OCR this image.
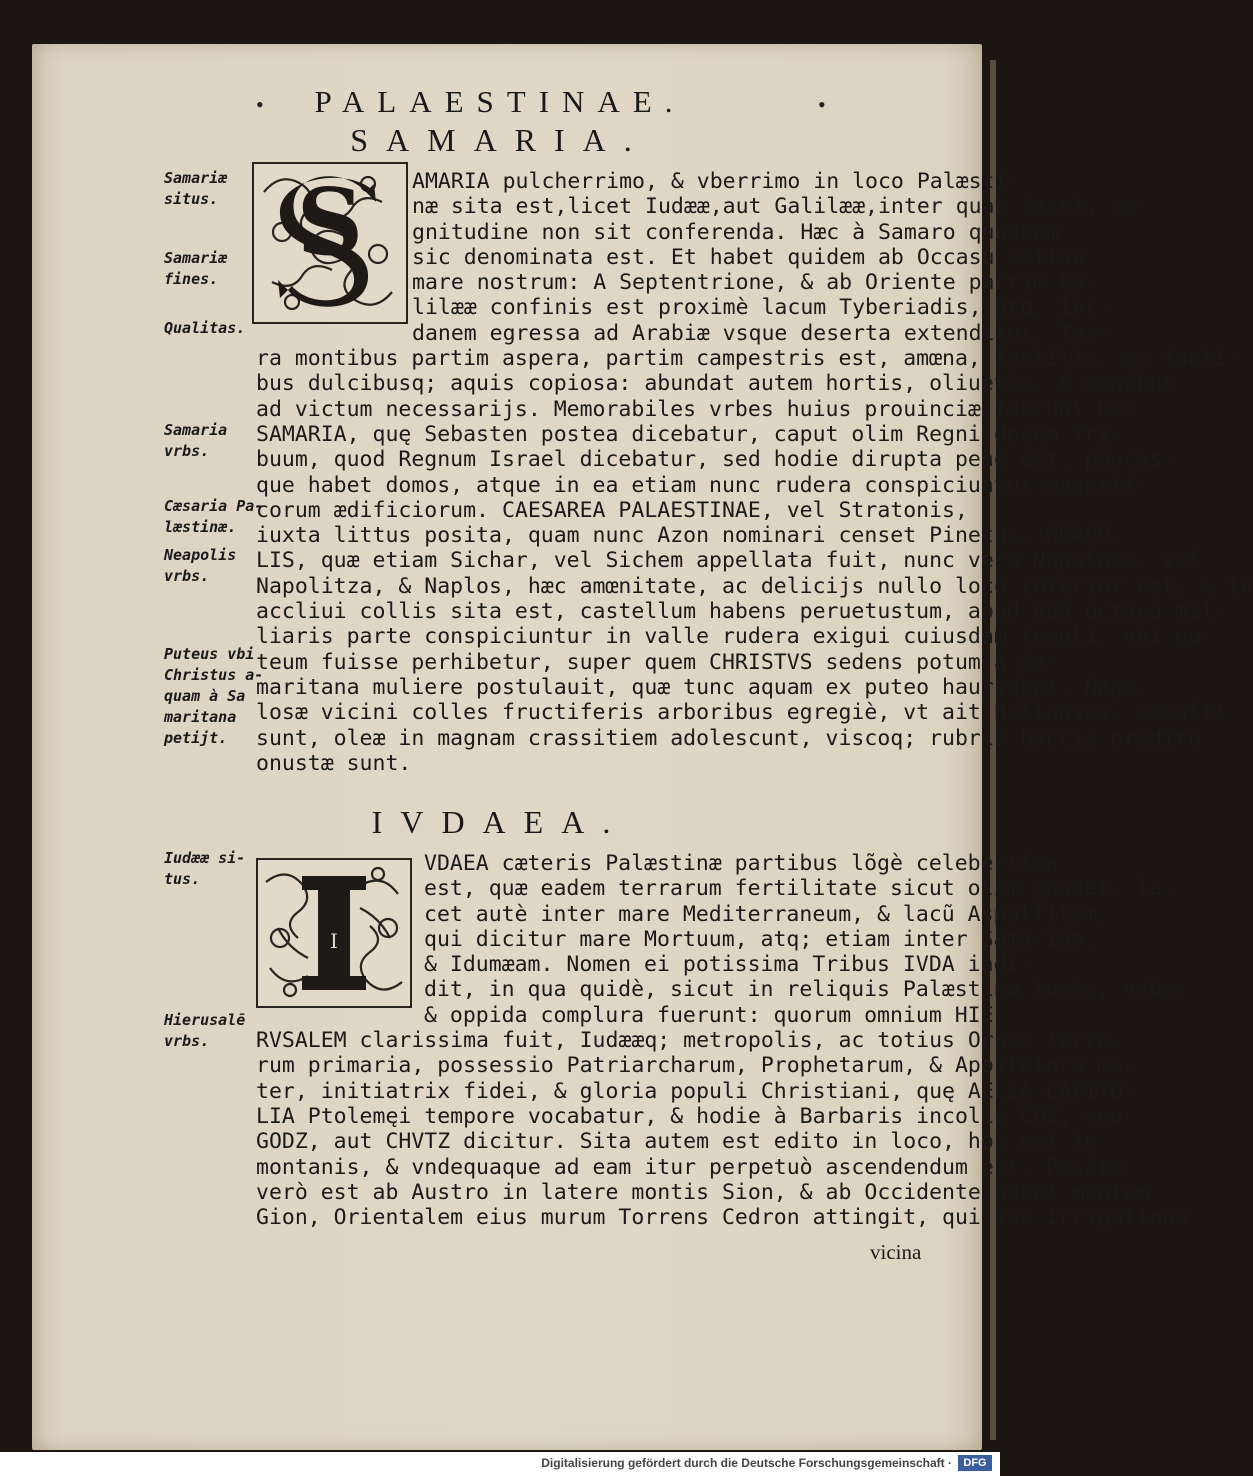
•	•
PALAESTINAE.
SAMARIA.
S AMARIA pulcherrimo, & vberrimo in loco Palæsti-
næ sita est,licet Iudææ,aut Galilææ,inter quas iacet, ma-
gnitudine non sit conferenda. Hæc à Samaro quondam
sic denominata est. Et habet quidem ab Occasu æstiuo
mare nostrum: A Septentrione, & ab Oriente partim Ga-
lilææ confinis est proximè lacum Tyberiadis, atq; Ior-
danem egressa ad Arabiæ vsque deserta extenditur. Ter-
ra montibus partim aspera, partim campestris est, amœna, fertilis, ac fonti-
bus dulcibusq; aquis copiosa: abundat autem hortis, oliuetis, & omnibus
ad victum necessarijs. Memorabiles vrbes huius prouinciæ fuerunt hæ:
SAMARIA, quę Sebasten postea dicebatur, caput olim Regni decem Tri-
buum, quod Regnum Israel dicebatur, sed hodie dirupta penè est, paucas-
que habet domos, atque in ea etiam nunc rudera conspiciuntur magnifi-
corum ædificiorum. CAESAREA PALAESTINAE, vel Stratonis,
iuxta littus posita, quam nunc Azon nominari censet Pinetus. NEAPO-
LIS, quæ etiam Sichar, vel Sichem appellata fuit, nunc verò Napolosa, vel
Napolitza, & Naplos, hæc amœnitate, ac delicijs nullo loco inferior est, & in
accliui collis sita est, castellum habens peruetustum, apud quã octaua mil-
liaris parte conspiciuntur in valle rudera exigui cuiusdam templi, vbi pu-
teum fuisse perhibetur, super quem CHRISTVS sedens potum à Sa-
maritana muliere postulauit, quæ tunc aquam ex puteo hauriebat. Napo-
losæ vicini colles fructiferis arboribus egregiè, vt ait Bellonius, exculti
sunt, oleæ in magnam crassitiem adolescunt, viscoq; rubris baccis prædito
onustæ sunt.
Samariæ
situs.
Samariæ
fines.
Qualitas.
Samaria
vrbs.
Cæsaria
læstinæ.
Neapolis
vrbs.
Puteus vbi
Christus
quam à Sa
maritana
petijt.
IVDAEA.
I
VDAEA cæteris Palæstinæ partibus lõgè celeberrima
est, quæ eadem terrarum fertilitate sicut olim gaudet. la-
cet autè inter mare Mediterraneum, & lacũ Aspaltitem,
qui dicitur mare Mortuum, atq; etiam inter Samariam,
& Idumæam. Nomen ei potissima Tribus IVDA indi-
dit, in qua quidè, sicut in reliquis Palæstinæ locis, vrbes
& oppida complura fuerunt: quorum omnium HIE-
RVSALEM clarissima fuit, Iudææq; metropolis, ac totius Orbis terra-
rum primaria, possessio Patriarcharum, Prophetarum, & Apostolorũ ma-
ter, initiatrix fidei, & gloria populi Christiani, quę AELIA CAPITO-
LIA Ptolemęi tempore vocabatur, & hodie à Barbaris incolis COZ, seu
GODZ, aut CHVTZ dicitur. Sita autem est edito in loco, hoc est in
montanis, & vndequaque ad eam itur perpetuò ascendendum est. Posita
verò est ab Austro in latere montis Sion, & ab Occidente habet montem
Gion, Orientalem eius murum Torrens Cedron attingit, qui sua irrigatione
Iudææ si-
tus.
Hierusalē
vrbs.
vicina
Digitalisierung gefördert durch die Deutsche Forschungsgemeinschaft ·	DFG
